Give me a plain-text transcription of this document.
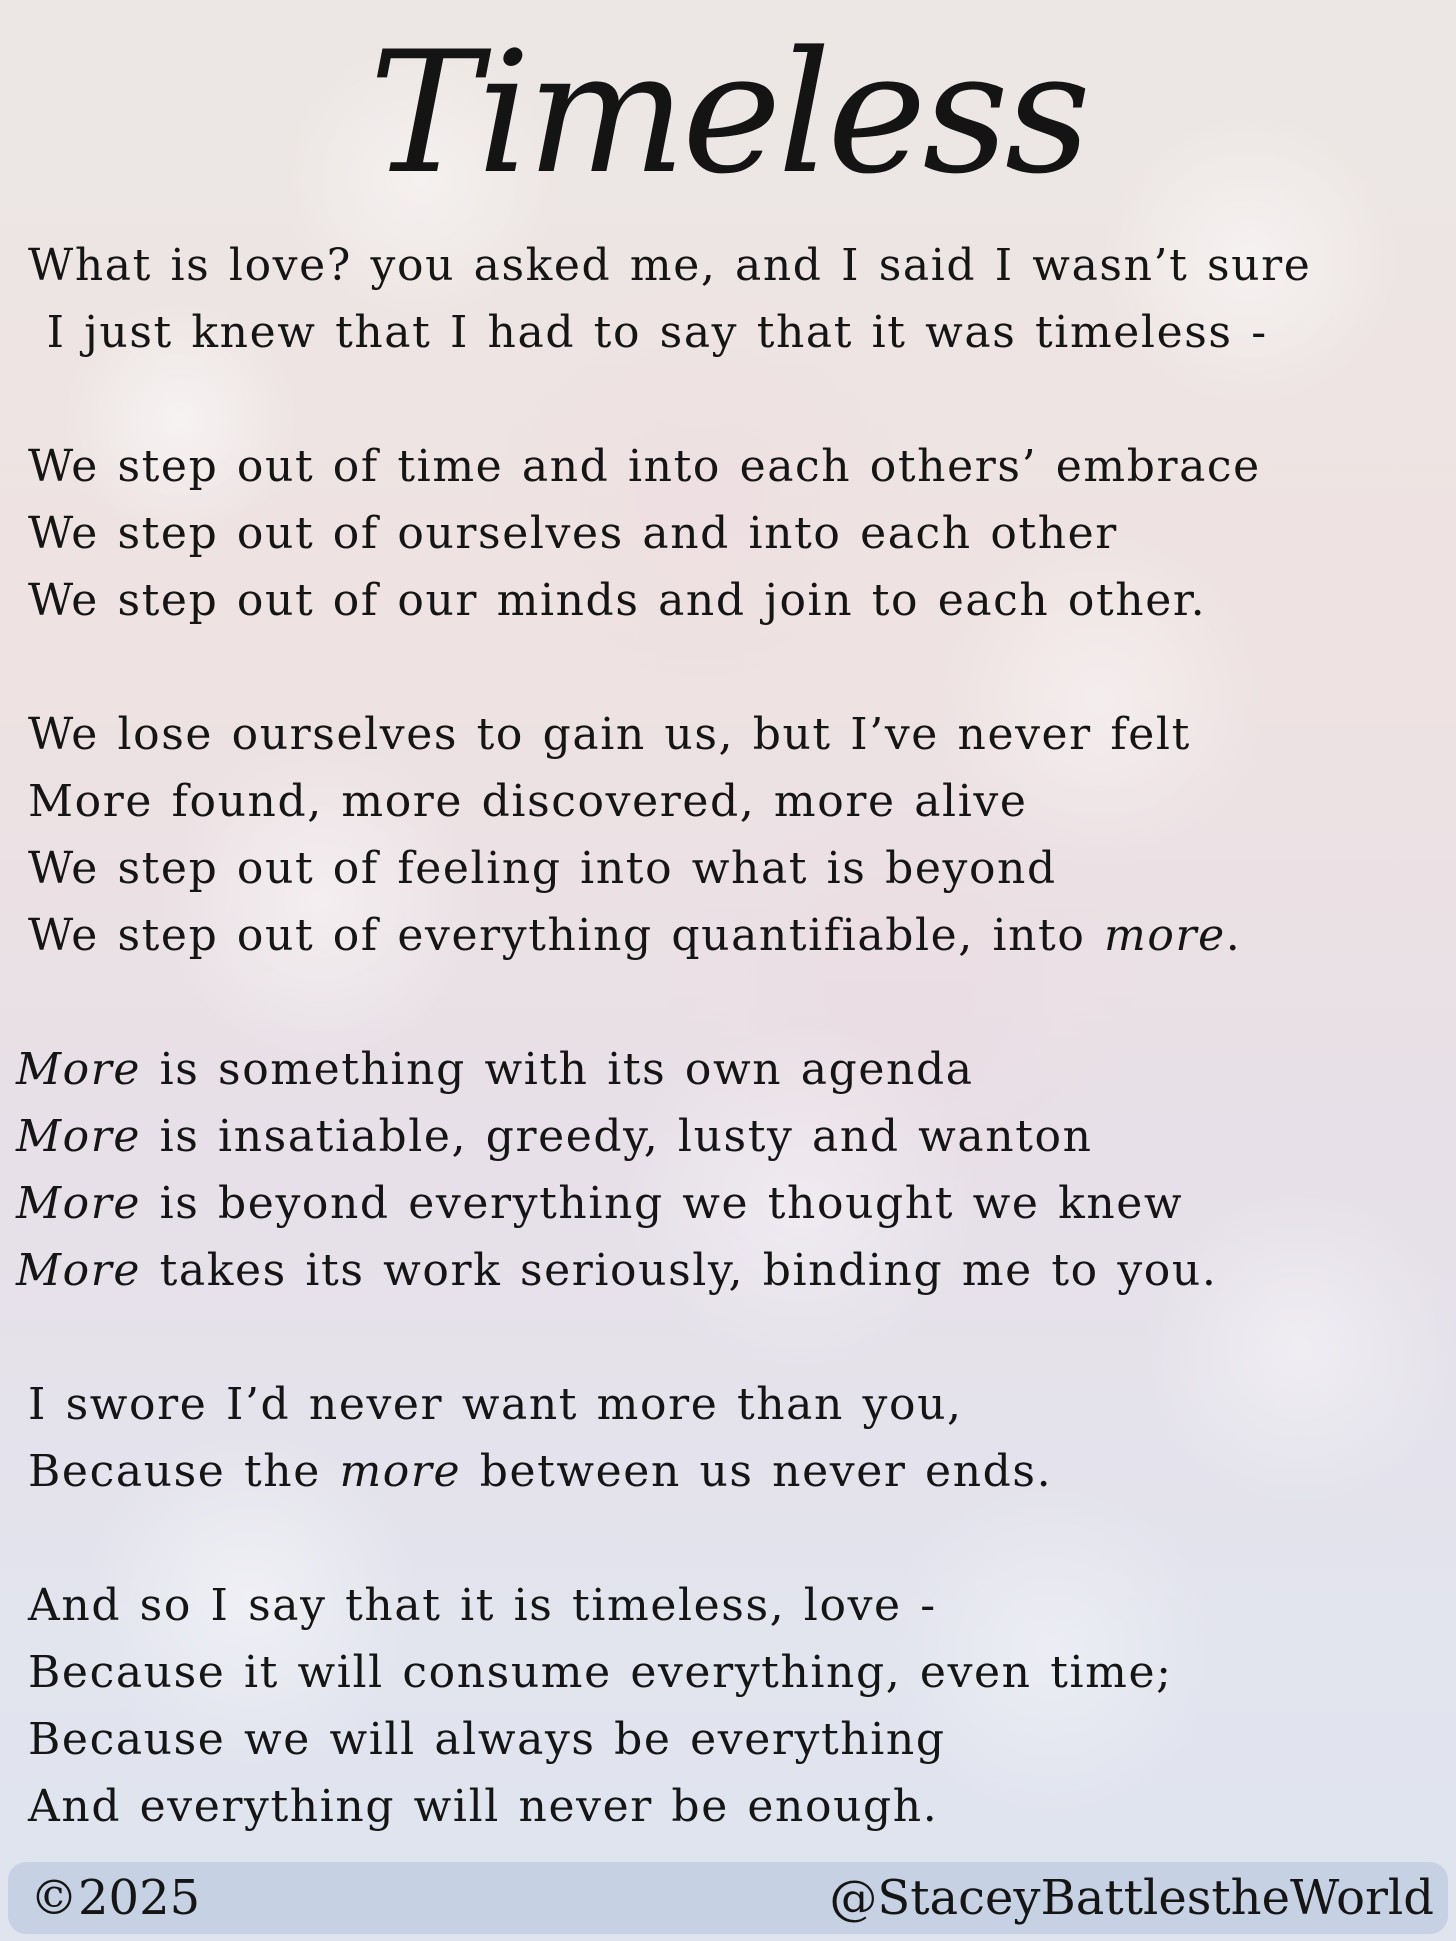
Timeless
What is love? you asked me, and I said I wasn’t sure
I just knew that I had to say that it was timeless -
We step out of time and into each others’ embrace
We step out of ourselves and into each other
We step out of our minds and join to each other.
We lose ourselves to gain us, but I’ve never felt
More found, more discovered, more alive
We step out of feeling into what is beyond
We step out of everything quantifiable, into more.
More is something with its own agenda
More is insatiable, greedy, lusty and wanton
More is beyond everything we thought we knew
More takes its work seriously, binding me to you.
I swore I’d never want more than you,
Because the more between us never ends.
And so I say that it is timeless, love -
Because it will consume everything, even time;
Because we will always be everything
And everything will never be enough.
©2025	@StaceyBattlestheWorld
